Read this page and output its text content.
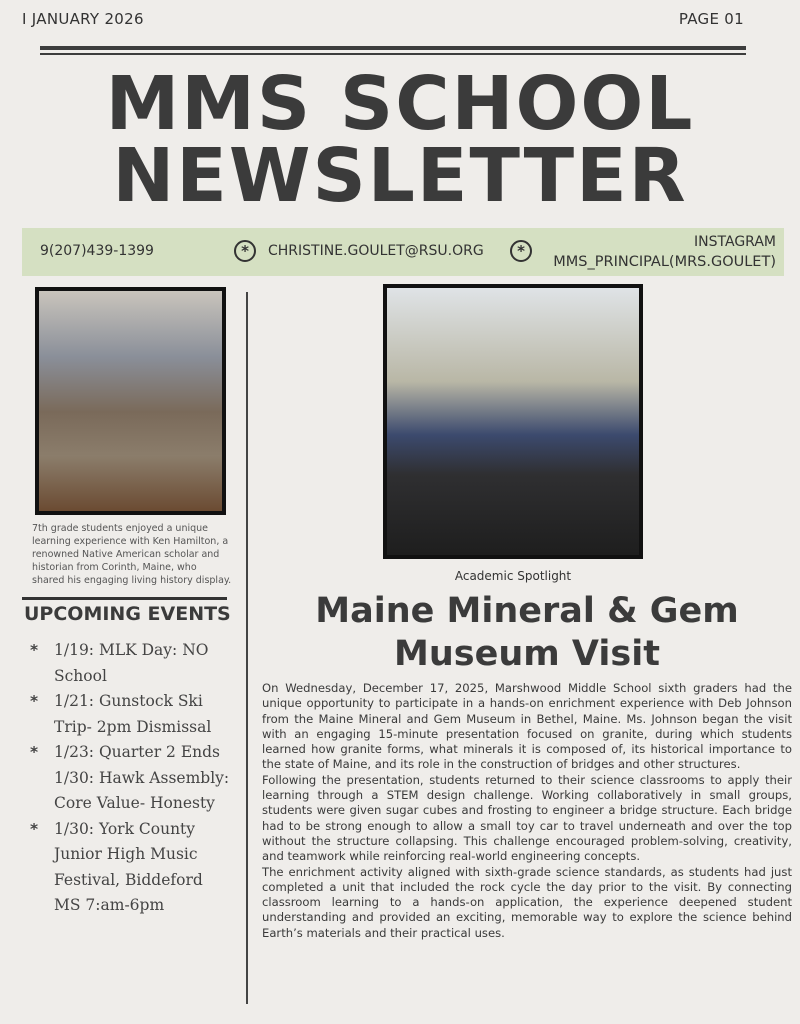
I JANUARY 2026	PAGE 01
MMS SCHOOL
NEWSLETTER
9(207)439-1399	*	CHRISTINE.GOULET@RSU.ORG	*	INSTAGRAM
MMS_PRINCIPAL(MRS.GOULET)
7th grade students enjoyed a unique learning experience with Ken Hamilton, a renowned Native American scholar and historian from Corinth, Maine, who shared his engaging living history display.
UPCOMING EVENTS
* 1/19: MLK Day: NO School
* 1/21: Gunstock Ski Trip- 2pm Dismissal
* 1/23: Quarter 2 Ends
1/30: Hawk Assembly: Core Value- Honesty
* 1/30: York County Junior High Music Festival, Biddeford MS 7:am-6pm
Academic Spotlight
Maine Mineral & Gem Museum Visit

On Wednesday, December 17, 2025, Marshwood Middle School sixth graders had the unique opportunity to participate in a hands-on enrichment experience with Deb Johnson from the Maine Mineral and Gem Museum in Bethel, Maine. Ms. Johnson began the visit with an engaging 15-minute presentation focused on granite, during which students learned how granite forms, what minerals it is composed of, its historical importance to the state of Maine, and its role in the construction of bridges and other structures.

Following the presentation, students returned to their science classrooms to apply their learning through a STEM design challenge. Working collaboratively in small groups, students were given sugar cubes and frosting to engineer a bridge structure. Each bridge had to be strong enough to allow a small toy car to travel underneath and over the top without the structure collapsing. This challenge encouraged problem-solving, creativity, and teamwork while reinforcing real-world engineering concepts.

The enrichment activity aligned with sixth-grade science standards, as students had just completed a unit that included the rock cycle the day prior to the visit. By connecting classroom learning to a hands-on application, the experience deepened student understanding and provided an exciting, memorable way to explore the science behind Earth’s materials and their practical uses.
